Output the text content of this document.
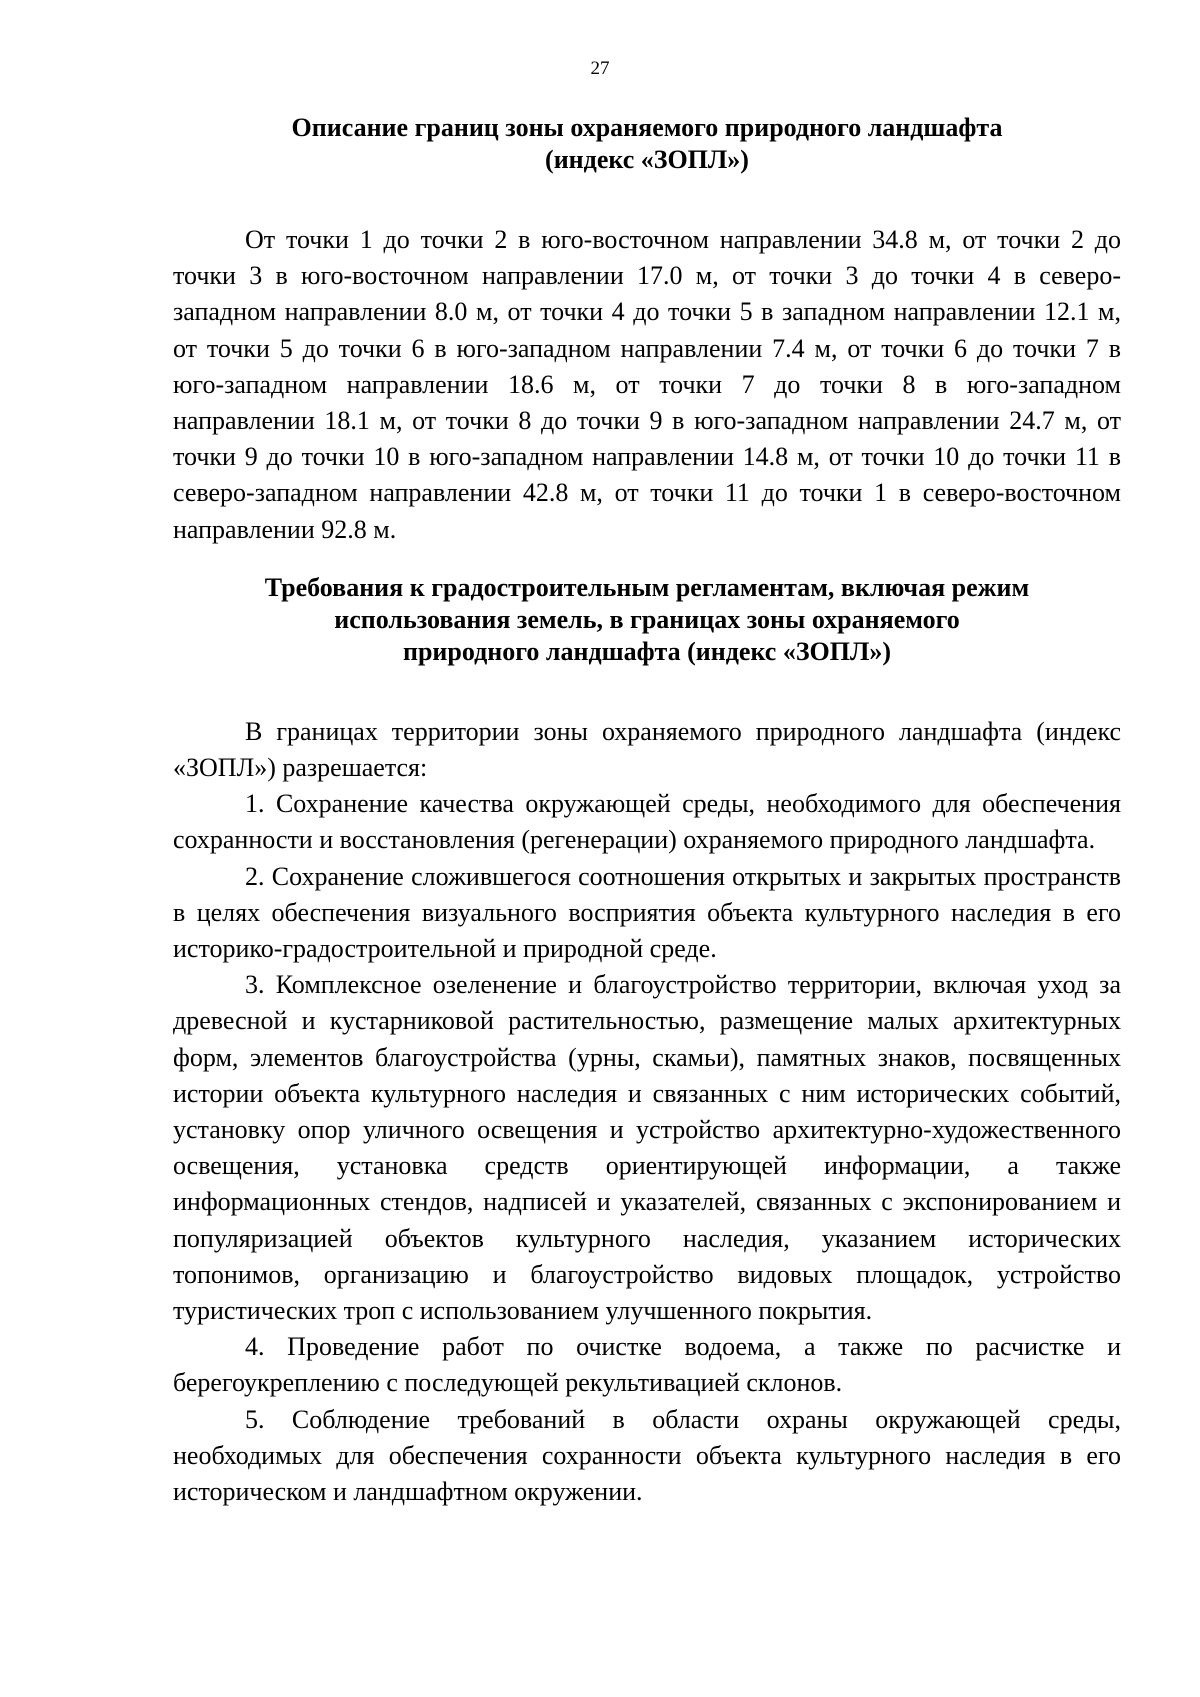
27
Описание границ зоны охраняемого природного ландшафта
(индекс «ЗОПЛ»)

От точки 1 до точки 2 в юго-восточном направлении 34.8 м, от точки 2 до точки 3 в юго-восточном направлении 17.0 м, от точки 3 до точки 4 в северо-западном направлении 8.0 м, от точки 4 до точки 5 в западном направлении 12.1 м, от точки 5 до точки 6 в юго-западном направлении 7.4 м, от точки 6 до точки 7 в юго-западном направлении 18.6 м, от точки 7 до точки 8 в юго-западном направлении 18.1 м, от точки 8 до точки 9 в юго-западном направлении 24.7 м, от точки 9 до точки 10 в юго-западном направлении 14.8 м, от точки 10 до точки 11 в северо-западном направлении 42.8 м, от точки 11 до точки 1 в северо-восточном направлении 92.8 м.

Требования к градостроительным регламентам, включая режим
использования земель, в границах зоны охраняемого
природного ландшафта (индекс «ЗОПЛ»)

В границах территории зоны охраняемого природного ландшафта (индекс «ЗОПЛ») разрешается:

1. Сохранение качества окружающей среды, необходимого для обеспечения сохранности и восстановления (регенерации) охраняемого природного ландшафта.

2. Сохранение сложившегося соотношения открытых и закрытых пространств в целях обеспечения визуального восприятия объекта культурного наследия в его историко-градостроительной и природной среде.

3. Комплексное озеленение и благоустройство территории, включая уход за древесной и кустарниковой растительностью, размещение малых архитектурных форм, элементов благоустройства (урны, скамьи), памятных знаков, посвященных истории объекта культурного наследия и связанных с ним исторических событий, установку опор уличного освещения и устройство архитектурно-художественного освещения, установка средств ориентирующей информации, а также информационных стендов, надписей и указателей, связанных с экспонированием и популяризацией объектов культурного наследия, указанием исторических топонимов, организацию и благоустройство видовых площадок, устройство туристических троп с использованием улучшенного покрытия.

4. Проведение работ по очистке водоема, а также по расчистке и берегоукреплению с последующей рекультивацией склонов.

5. Соблюдение требований в области охраны окружающей среды, необходимых для обеспечения сохранности объекта культурного наследия в его историческом и ландшафтном окружении.
